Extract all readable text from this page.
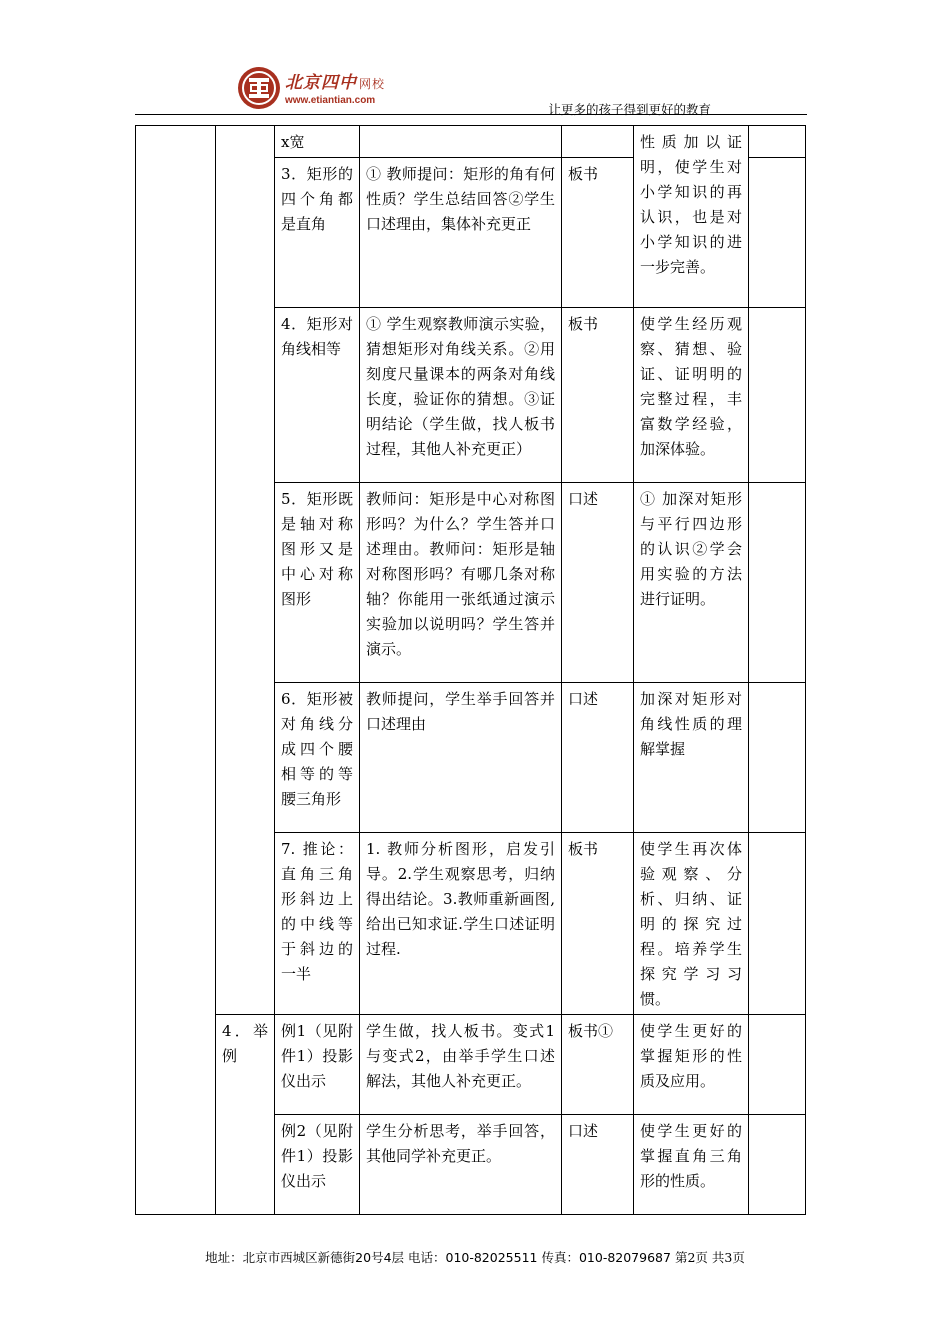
北京四中 网校
www.etiantian.com
让更多的孩子得到更好的教育
		x宽			性质加以证明，使学生对小学知识的再认识，也是对小学知识的进一步完善。	
		3．矩形的四个角都是直角	① 教师提问：矩形的角有何性质？学生总结回答②学生口述理由，集体补充更正	板书		
		4．矩形对角线相等	① 学生观察教师演示实验，猜想矩形对角线关系。②用刻度尺量课本的两条对角线长度，验证你的猜想。③证明结论（学生做，找人板书过程，其他人补充更正）	板书	使学生经历观察、猜想、验证、证明明的完整过程，丰富数学经验，加深体验。	
		5．矩形既是轴对称图形又是中心对称图形	教师问：矩形是中心对称图形吗？为什么？学生答并口述理由。教师问：矩形是轴对称图形吗？有哪几条对称轴？你能用一张纸通过演示实验加以说明吗？学生答并演示。	口述	① 加深对矩形与平行四边形的认识②学会用实验的方法进行证明。	
		6．矩形被对角线分成四个腰相等的等腰三角形	教师提问，学生举手回答并口述理由	口述	加深对矩形对角线性质的理解掌握	
		7. 推论：直角三角形斜边上的中线等于斜边的一半	1. 教师分析图形，启发引导。2.学生观察思考，归纳得出结论。3.教师重新画图,给出已知求证.学生口述证明过程.	板书	使学生再次体验观察、分析、归纳、证明的探究过程。培养学生探究学习习惯。	
	4．举例	例1（见附件1）投影仪出示	学生做，找人板书。变式1与变式2，由举手学生口述解法，其他人补充更正。	板书①	使学生更好的掌握矩形的性质及应用。	
		例2（见附件1）投影仪出示	学生分析思考，举手回答，其他同学补充更正。	口述	使学生更好的掌握直角三角形的性质。	
地址：北京市西城区新德街20号4层 电话：010-82025511 传真：010-82079687 第2页 共3页
